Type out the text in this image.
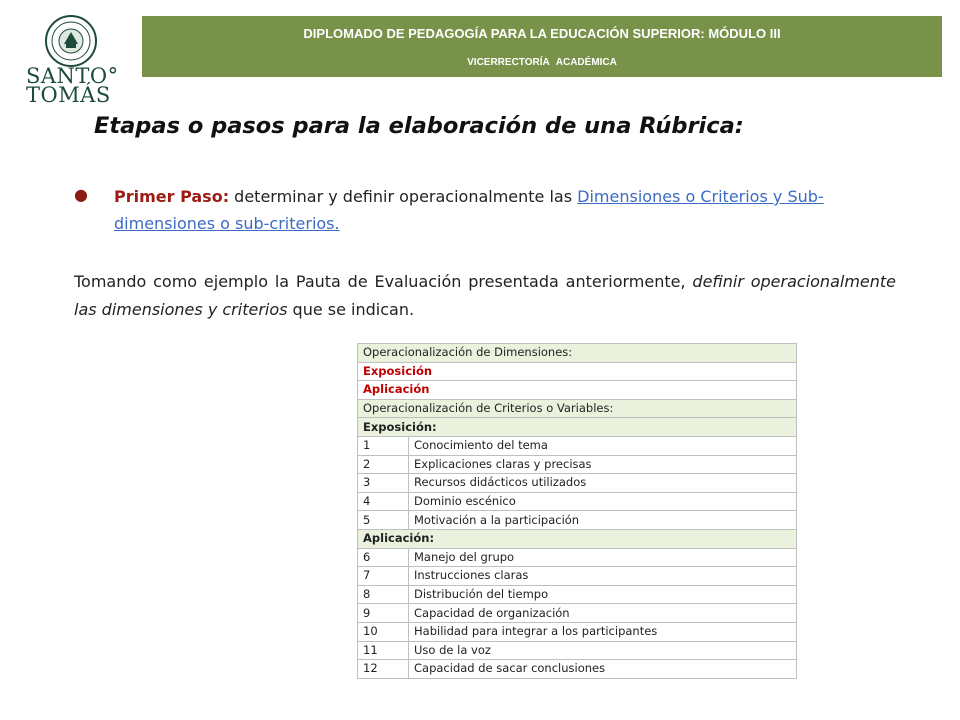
SANTO°
TOMÁS
DIPLOMADO DE PEDAGOGÍA PARA LA EDUCACIÓN SUPERIOR: MÓDULO III
VICERRECTORÍA ACADÉMICA
Etapas o pasos para la elaboración de una Rúbrica:
● Primer Paso: determinar y definir operacionalmente las Dimensiones o Criterios y Sub-dimensiones o sub-criterios.
Tomando como ejemplo la Pauta de Evaluación presentada anteriormente, definir operacionalmente las dimensiones y criterios que se indican.
Operacionalización de Dimensiones:	
Exposición	
Aplicación	
Operacionalización de Criterios o Variables:	
Exposición:	
1	Conocimiento del tema
2	Explicaciones claras y precisas
3	Recursos didácticos utilizados
4	Dominio escénico
5	Motivación a la participación
Aplicación:	
6	Manejo del grupo
7	Instrucciones claras
8	Distribución del tiempo
9	Capacidad de organización
10	Habilidad para integrar a los participantes
11	Uso de la voz
12	Capacidad de sacar conclusiones
